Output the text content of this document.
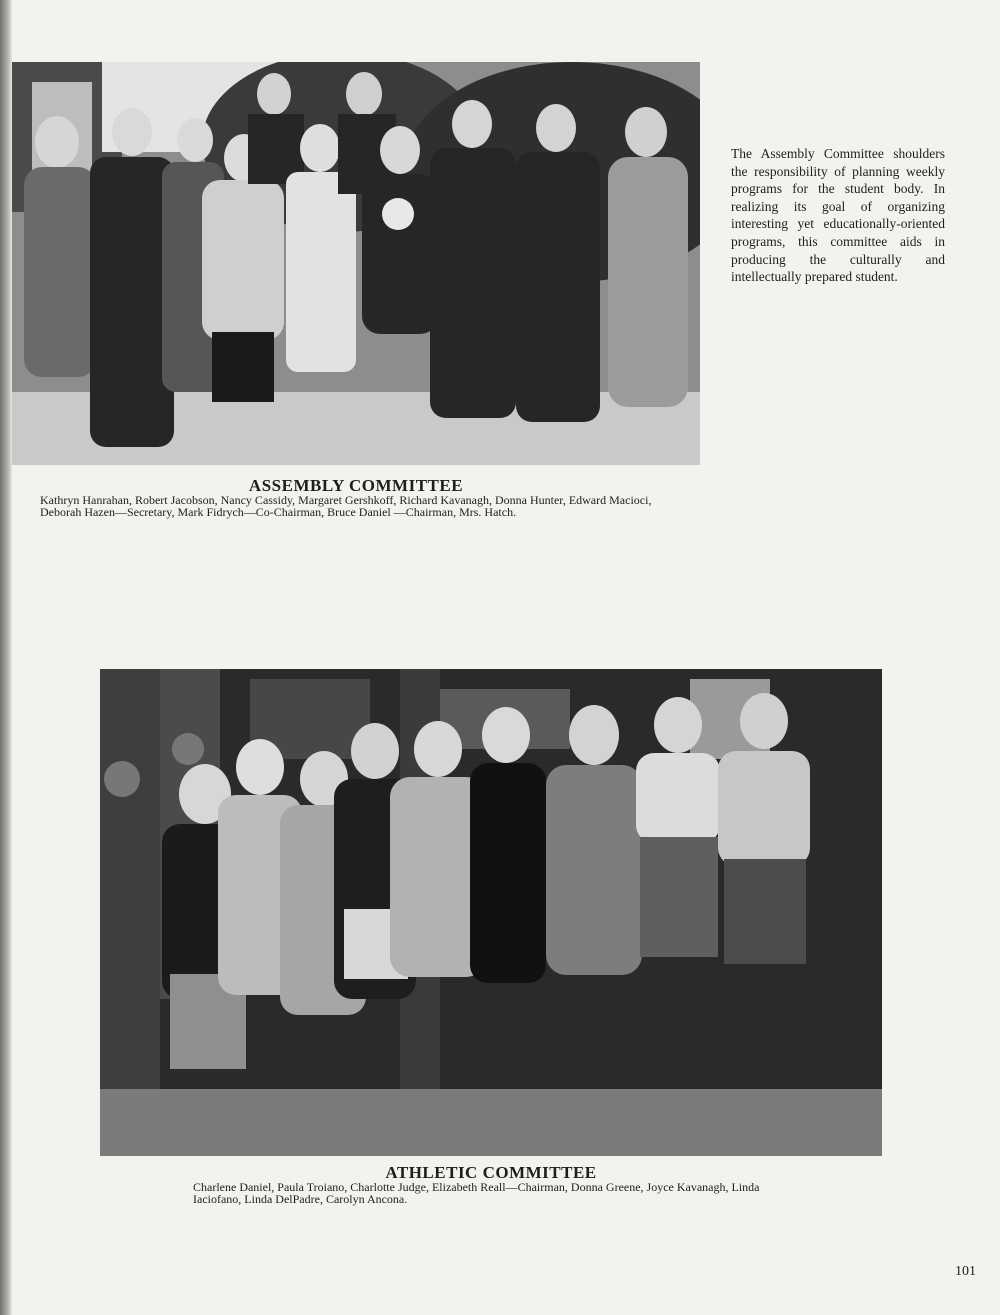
ASSEMBLY COMMITTEE

Kathryn Hanrahan, Robert Jacobson, Nancy Cassidy, Margaret Gershkoff, Richard Kavanagh, Donna Hunter, Edward Macioci, Deborah Hazen—Secretary, Mark Fidrych—Co-Chairman, Bruce Daniel —Chairman, Mrs. Hatch.

The Assembly Committee shoulders the responsibility of planning weekly programs for the student body. In realizing its goal of organizing interesting yet educationally-oriented programs, this committee aids in producing the culturally and intellectually prepared student.

ATHLETIC COMMITTEE

Charlene Daniel, Paula Troiano, Charlotte Judge, Elizabeth Reall—Chairman, Donna Greene, Joyce Kavanagh, Linda Iaciofano, Linda DelPadre, Carolyn Ancona.

101
